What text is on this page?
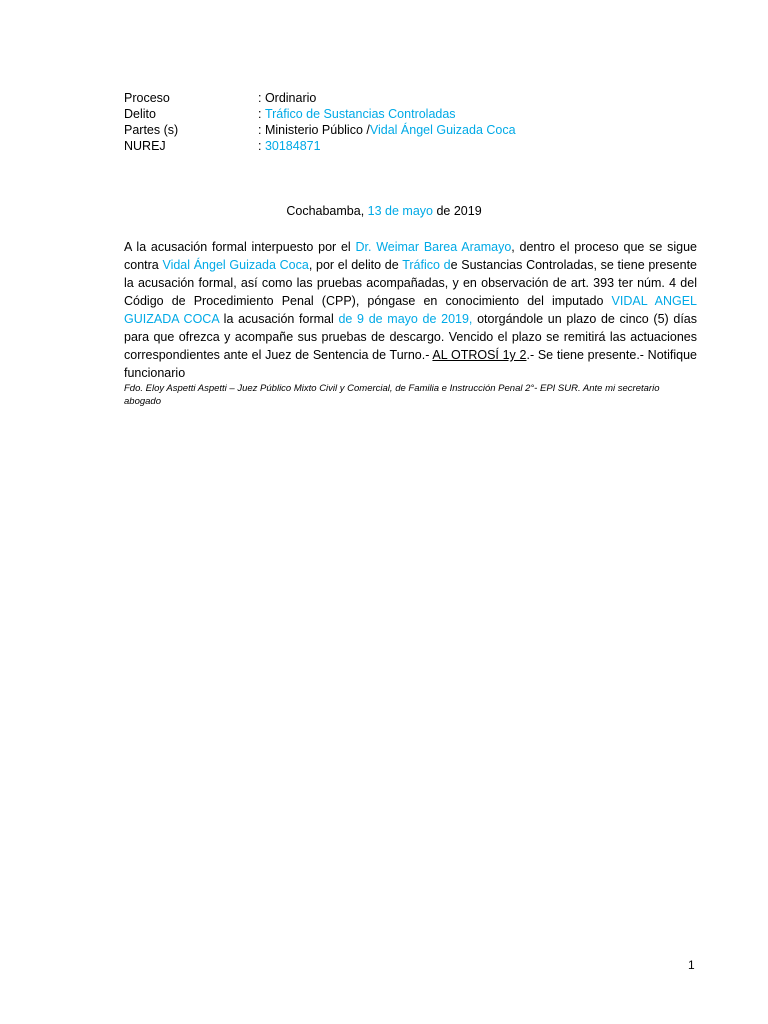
Proceso	: Ordinario
Delito	: Tráfico de Sustancias Controladas
Partes (s)	: Ministerio Público / Vidal Ángel Guizada Coca
NUREJ	: 30184871
Cochabamba, 13 de mayo de 2019
A la acusación formal interpuesto por el Dr. Weimar Barea Aramayo, dentro el proceso que se sigue contra Vidal Ángel Guizada Coca, por el delito de Tráfico de Sustancias Controladas, se tiene presente la acusación formal, así como las pruebas acompañadas, y en observación de art. 393 ter núm. 4 del Código de Procedimiento Penal (CPP), póngase en conocimiento del imputado VIDAL ANGEL GUIZADA COCA la acusación formal de 9 de mayo de 2019, otorgándole un plazo de cinco (5) días para que ofrezca y acompañe sus pruebas de descargo. Vencido el plazo se remitirá las actuaciones correspondientes ante el Juez de Sentencia de Turno.- AL OTROSÍ 1y 2.- Se tiene presente.- Notifique funcionario
Fdo. Eloy Aspetti Aspetti – Juez Público Mixto Civil y Comercial, de Familia e Instrucción Penal 2°- EPI SUR. Ante mi secretario abogado
1
